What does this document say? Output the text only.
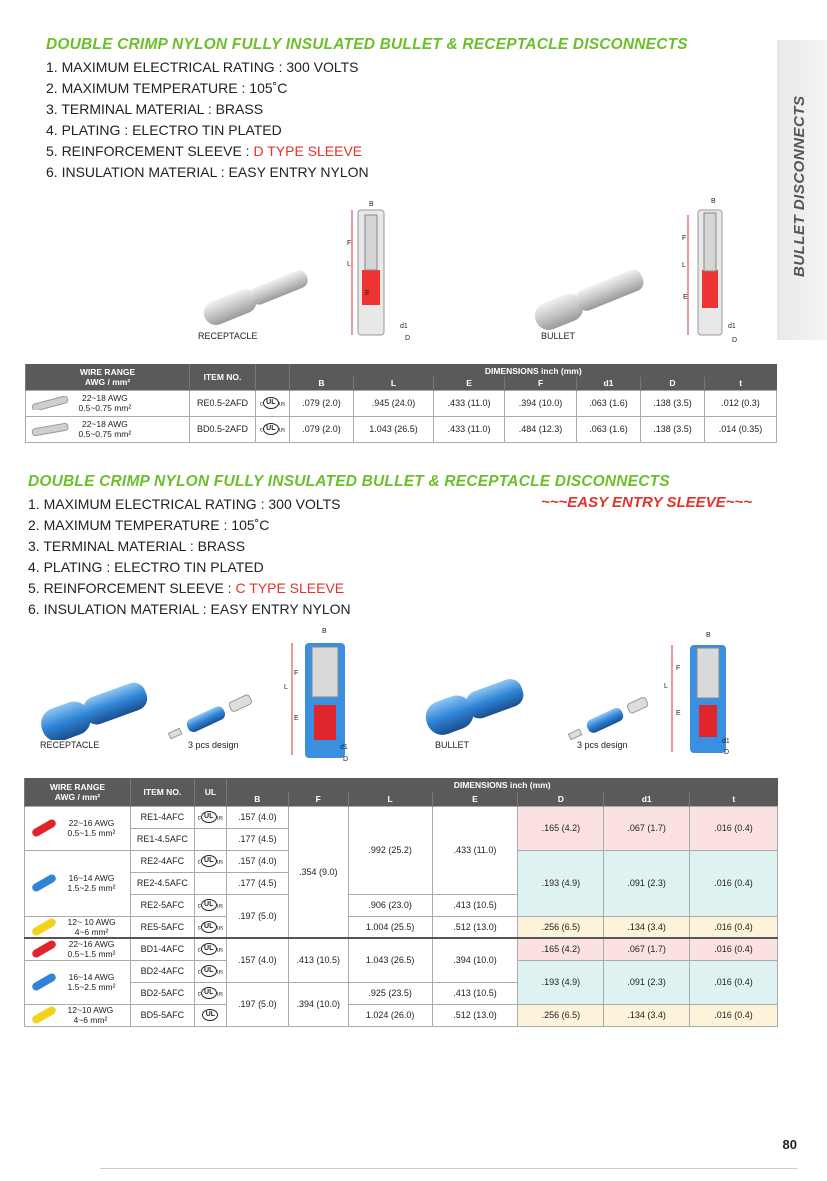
BULLET DISCONNECTS
DOUBLE CRIMP NYLON FULLY INSULATED BULLET & RECEPTACLE DISCONNECTS
1. MAXIMUM ELECTRICAL RATING : 300 VOLTS
2. MAXIMUM TEMPERATURE : 105˚C
3. TERMINAL MATERIAL : BRASS
4. PLATING : ELECTRO TIN PLATED
5. REINFORCEMENT SLEEVE : D TYPE SLEEVE
6. INSULATION MATERIAL : EASY ENTRY NYLON
F
L
E
B
d1
D
RECEPTACLE
F
L
E
B
d1
D
BULLET
WIRE RANGE
AWG / mm²	ITEM NO.		DIMENSIONS inch (mm)						
			B	L	E	F	d1	D	t
22~18 AWG
0.5~0.75 mm²	RE0.5-2AFD	c UL us	.079 (2.0)	.945 (24.0)	.433 (11.0)	.394 (10.0)	.063 (1.6)	.138 (3.5)	.012 (0.3)
22~18 AWG
0.5~0.75 mm²	BD0.5-2AFD	c UL us	.079 (2.0)	1.043 (26.5)	.433 (11.0)	.484 (12.3)	.063 (1.6)	.138 (3.5)	.014 (0.35)
DOUBLE CRIMP NYLON FULLY INSULATED BULLET & RECEPTACLE DISCONNECTS
~~~EASY ENTRY SLEEVE~~~
1. MAXIMUM ELECTRICAL RATING : 300 VOLTS
2. MAXIMUM TEMPERATURE : 105˚C
3. TERMINAL MATERIAL : BRASS
4. PLATING : ELECTRO TIN PLATED
5. REINFORCEMENT SLEEVE : C TYPE SLEEVE
6. INSULATION MATERIAL : EASY ENTRY NYLON
RECEPTACLE	3 pcs design
B
F
L
E
d1
D
BULLET	3 pcs design
B
F
L
E
d1
D
WIRE RANGE
AWG / mm²	ITEM NO.	UL	DIMENSIONS inch (mm)						
			B	F	L	E	D	d1	t
22~16 AWG
0.5~1.5 mm²	RE1-4AFC	c UL us	.157 (4.0)	.354 (9.0)	.992 (25.2)	.433 (11.0)	.165 (4.2)	.067 (1.7)	.016 (0.4)
	RE1-4.5AFC		.177 (4.5)						
16~14 AWG
1.5~2.5 mm²	RE2-4AFC	c UL us	.157 (4.0)				.193 (4.9)	.091 (2.3)	.016 (0.4)
	RE2-4.5AFC		.177 (4.5)						
	RE2-5AFC	c UL us	.197 (5.0)		.906 (23.0)	.413 (10.5)			
12~ 10 AWG
4~6 mm²	RE5-5AFC	c UL us			1.004 (25.5)	.512 (13.0)	.256 (6.5)	.134 (3.4)	.016 (0.4)
22~16 AWG
0.5~1.5 mm²	BD1-4AFC	c UL us	.157 (4.0)	.413 (10.5)	1.043 (26.5)	.394 (10.0)	.165 (4.2)	.067 (1.7)	.016 (0.4)
16~14 AWG
1.5~2.5 mm²	BD2-4AFC	c UL us					.193 (4.9)	.091 (2.3)	.016 (0.4)
	BD2-5AFC	c UL us	.197 (5.0)	.394 (10.0)	.925 (23.5)	.413 (10.5)			
12~10 AWG
4~6 mm²	BD5-5AFC	UL			1.024 (26.0)	.512 (13.0)	.256 (6.5)	.134 (3.4)	.016 (0.4)
80
